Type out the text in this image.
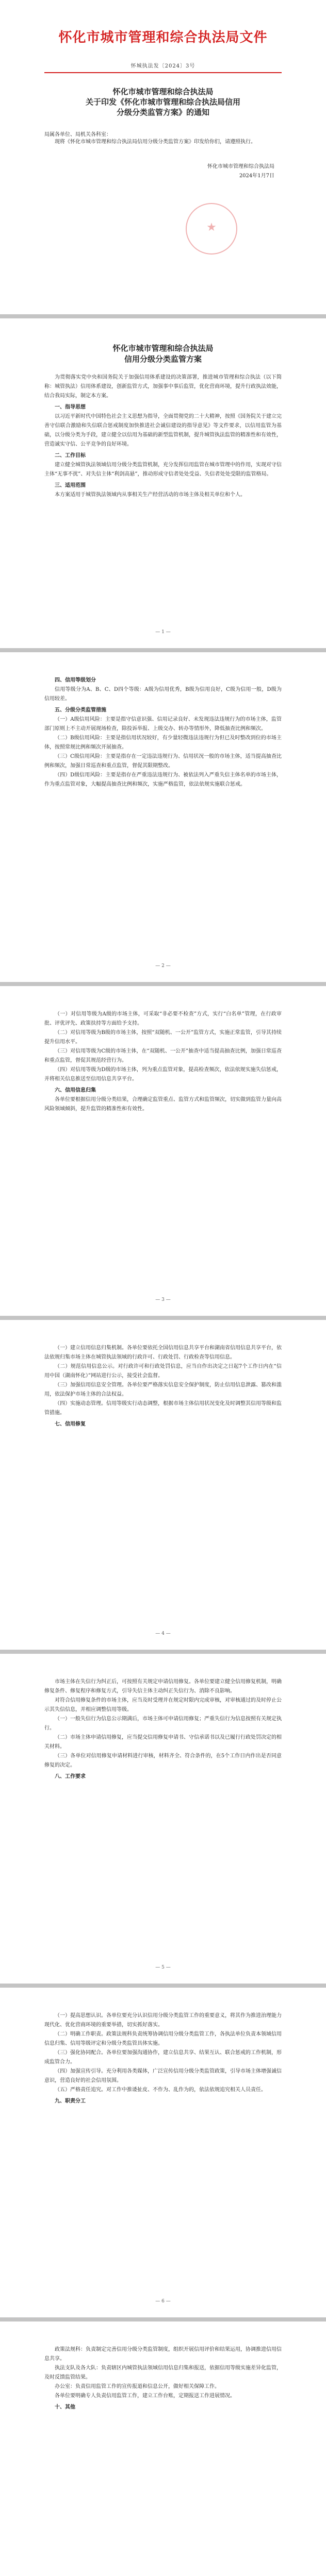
怀化市城市管理和综合执法局文件
怀城执法发〔2024〕3号
怀化市城市管理和综合执法局
关于印发《怀化市城市管理和综合执法局信用
分级分类监管方案》的通知
局属各单位、局机关各科室：

现将《怀化市城市管理和综合执法局信用分级分类监管方案》印发给你们，请遵照执行。

怀化市城市管理和综合执法局
2024年1月7日
★
怀化市城市管理和综合执法局
信用分级分类监管方案

为贯彻落实党中央和国务院关于加强信用体系建设的决策部署，推进城市管理和综合执法（以下简称：城管执法）信用体系建设，创新监管方式，加强事中事后监管，优化营商环境，提升行政执法效能，结合我局实际，制定本方案。

一、指导思想

以习近平新时代中国特色社会主义思想为指导，全面贯彻党的二十大精神，按照《国务院关于建立完善守信联合激励和失信联合惩戒制度加快推进社会诚信建设的指导意见》等文件要求，以信用监管为基础，以分级分类为手段，建立健全以信用为基础的新型监管机制，提升城管执法监管的精准性和有效性，营造诚实守信、公平竞争的良好环境。

二、工作目标

建立健全城管执法领域信用分级分类监管机制，充分发挥信用监管在城市管理中的作用，实现对守信主体“无事不扰”、对失信主体“利剑高悬”，推动形成守信者处处受益、失信者处处受限的监管格局。

三、适用范围

本方案适用于城管执法领域内从事相关生产经营活动的市场主体及相关单位和个人。

— 1 —

四、信用等级划分

信用等级分为A、B、C、D四个等级：A级为信用优秀，B级为信用良好，C级为信用一般，D级为信用较差。

五、分级分类监管措施

（一）A级信用风险：主要是指守信意识强、信用记录良好、未发现违法违规行为的市场主体，监管部门原则上不主动开展现场检查，除投诉举报、上级交办、转办等情形外，降低抽查比例和频次。

（二）B级信用风险：主要是指信用状况较好，有少量轻微违法违规行为但已及时整改到位的市场主体，按照常规比例和频次开展抽查。

（三）C级信用风险：主要是指存在一定违法违规行为、信用状况一般的市场主体，适当提高抽查比例和频次，加强日常巡查和重点监管，督促其限期整改。

（四）D级信用风险：主要是指存在严重违法违规行为、被依法列入严重失信主体名单的市场主体，作为重点监管对象，大幅提高抽查比例和频次，实施严格监管，依法依规实施联合惩戒。

— 2 —

（一）对信用等级为A级的市场主体，可采取“非必要不检查”方式，实行“白名单”管理，在行政审批、评优评先、政策扶持等方面给予支持。

（二）对信用等级为B级的市场主体，按照“双随机、一公开”监管方式，实施正常监管，引导其持续提升信用水平。

（三）对信用等级为C级的市场主体，在“双随机、一公开”抽查中适当提高抽查比例，加强日常巡查和重点监管，督促其规范经营行为。

（四）对信用等级为D级的市场主体，列为重点监管对象，提高检查频次，依法依规实施失信惩戒，并将相关信息推送至信用信息共享平台。

六、信用信息归集

各单位要根据信用分级分类结果，合理确定监管重点、监管方式和监管频次，切实做到监管力量向高风险领域倾斜，提升监管的精准性和有效性。

— 3 —

（一）建立信用信息归集机制。各单位要依托全国信用信息共享平台和湖南省信用信息共享平台，依法依规归集市场主体在城管执法领域的行政许可、行政处罚、行政检查等信用信息。

（二）规范信用信息公示。对行政许可和行政处罚信息，应当自作出决定之日起7个工作日内在“信用中国（湖南怀化）”网站进行公示，接受社会监督。

（三）加强信用信息安全管理。各单位要严格落实信息安全保护制度，防止信用信息泄露、篡改和滥用，依法保护市场主体的合法权益。

（四）实施动态管理。信用等级实行动态调整，根据市场主体信用状况变化及时调整其信用等级和监管措施。

七、信用修复

— 4 —

市场主体在失信行为纠正后，可按照有关规定申请信用修复。各单位要建立健全信用修复机制，明确修复条件、修复程序和修复方式，引导失信主体主动纠正失信行为、消除不良影响。

对符合信用修复条件的市场主体，应当及时受理并在规定时限内完成审核，对审核通过的及时停止公示其失信信息，并相应调整信用等级。

（一）一般失信行为信息公示期满后，市场主体可申请信用修复；严重失信行为信息按照有关规定执行。

（二）市场主体申请信用修复，应当提交信用修复申请书、守信承诺书以及已履行行政处罚决定的相关材料。

（三）各单位对信用修复申请材料进行审核，材料齐全、符合条件的，在5个工作日内作出是否同意修复的决定。

八、工作要求

— 5 —

（一）提高思想认识。各单位要充分认识信用分级分类监管工作的重要意义，将其作为推进治理能力现代化、优化营商环境的重要举措，切实抓好落实。

（二）明确工作职责。政策法规科负责统筹协调信用分级分类监管工作，各执法单位负责本领域信用信息归集、信用等级评定和分级分类监管具体实施。

（三）强化协同配合。各单位要加强沟通协作，建立信息共享、结果互认、联合惩戒的工作机制，形成监管合力。

（四）加强宣传引导。充分利用各类媒体，广泛宣传信用分级分类监管政策，引导市场主体增强诚信意识，营造良好的社会信用氛围。

（五）严格责任追究。对工作中推诿扯皮、不作为、乱作为的，依法依规追究相关人员责任。

九、职责分工

— 6 —

政策法规科：负责制定完善信用分级分类监管制度，组织开展信用评价和结果运用，协调推进信用信息共享。

执法支队及各大队：负责辖区内城管执法领域信用信息归集和报送，依据信用等级实施差异化监管，及时反馈监管结果。

办公室：负责信用监管工作的宣传报道和信息公开，做好相关保障工作。

各单位要明确专人负责信用监管工作，建立工作台账，定期报送工作进展情况。

十、其他
